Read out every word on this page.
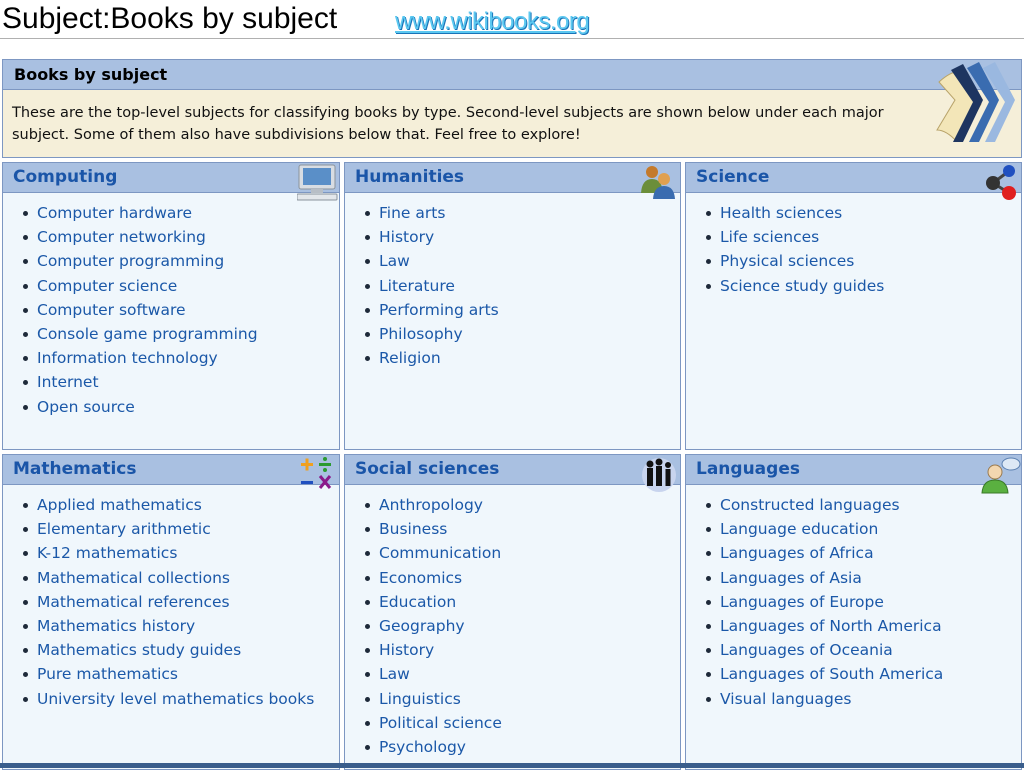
Subject:Books by subject www.wikibooks.org
Books by subject
These are the top-level subjects for classifying books by type. Second-level subjects are shown below under each major subject. Some of them also have subdivisions below that. Feel free to explore!
Computing
Computer hardware
Computer networking
Computer programming
Computer science
Computer software
Console game programming
Information technology
Internet
Open source
Humanities
Fine arts
History
Law
Literature
Performing arts
Philosophy
Religion
Science
Health sciences
Life sciences
Physical sciences
Science study guides
Mathematics
Applied mathematics
Elementary arithmetic
K-12 mathematics
Mathematical collections
Mathematical references
Mathematics history
Mathematics study guides
Pure mathematics
University level mathematics books
Social sciences
Anthropology
Business
Communication
Economics
Education
Geography
History
Law
Linguistics
Political science
Psychology
Languages
Constructed languages
Language education
Languages of Africa
Languages of Asia
Languages of Europe
Languages of North America
Languages of Oceania
Languages of South America
Visual languages
